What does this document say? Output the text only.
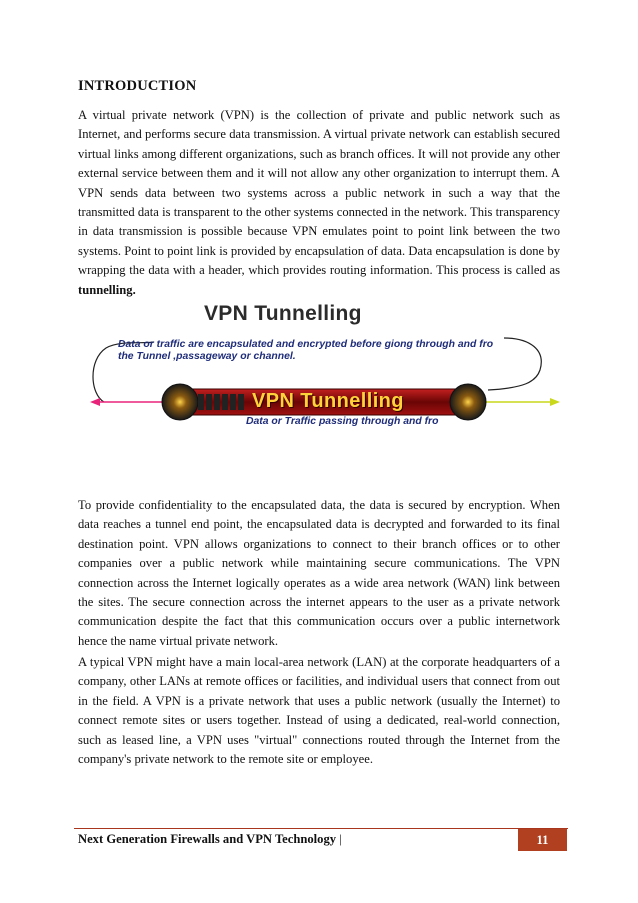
INTRODUCTION

A virtual private network (VPN) is the collection of private and public network such as Internet, and performs secure data transmission. A virtual private network can establish secured virtual links among different organizations, such as branch offices. It will not provide any other external service between them and it will not allow any other organization to interrupt them. A VPN sends data between two systems across a public network in such a way that the transmitted data is transparent to the other systems connected in the network. This transparency in data transmission is possible because VPN emulates point to point link between the two systems. Point to point link is provided by encapsulation of data. Data encapsulation is done by wrapping the data with a header, which provides routing information. This process is called as tunnelling.

VPN Tunnelling
Data or traffic are encapsulated and encrypted before giong through and fro the Tunnel ,passageway or channel.
VPN Tunnelling
Data or Traffic passing through and fro

To provide confidentiality to the encapsulated data, the data is secured by encryption. When data reaches a tunnel end point, the encapsulated data is decrypted and forwarded to its final destination point. VPN allows organizations to connect to their branch offices or to other companies over a public network while maintaining secure communications. The VPN connection across the Internet logically operates as a wide area network (WAN) link between the sites. The secure connection across the internet appears to the user as a private network communication despite the fact that this communication occurs over a public internetwork hence the name virtual private network.

A typical VPN might have a main local-area network (LAN) at the corporate headquarters of a company, other LANs at remote offices or facilities, and individual users that connect from out in the field. A VPN is a private network that uses a public network (usually the Internet) to connect remote sites or users together. Instead of using a dedicated, real-world connection, such as leased line, a VPN uses "virtual" connections routed through the Internet from the company's private network to the remote site or employee.

Next Generation Firewalls and VPN Technology |	11
